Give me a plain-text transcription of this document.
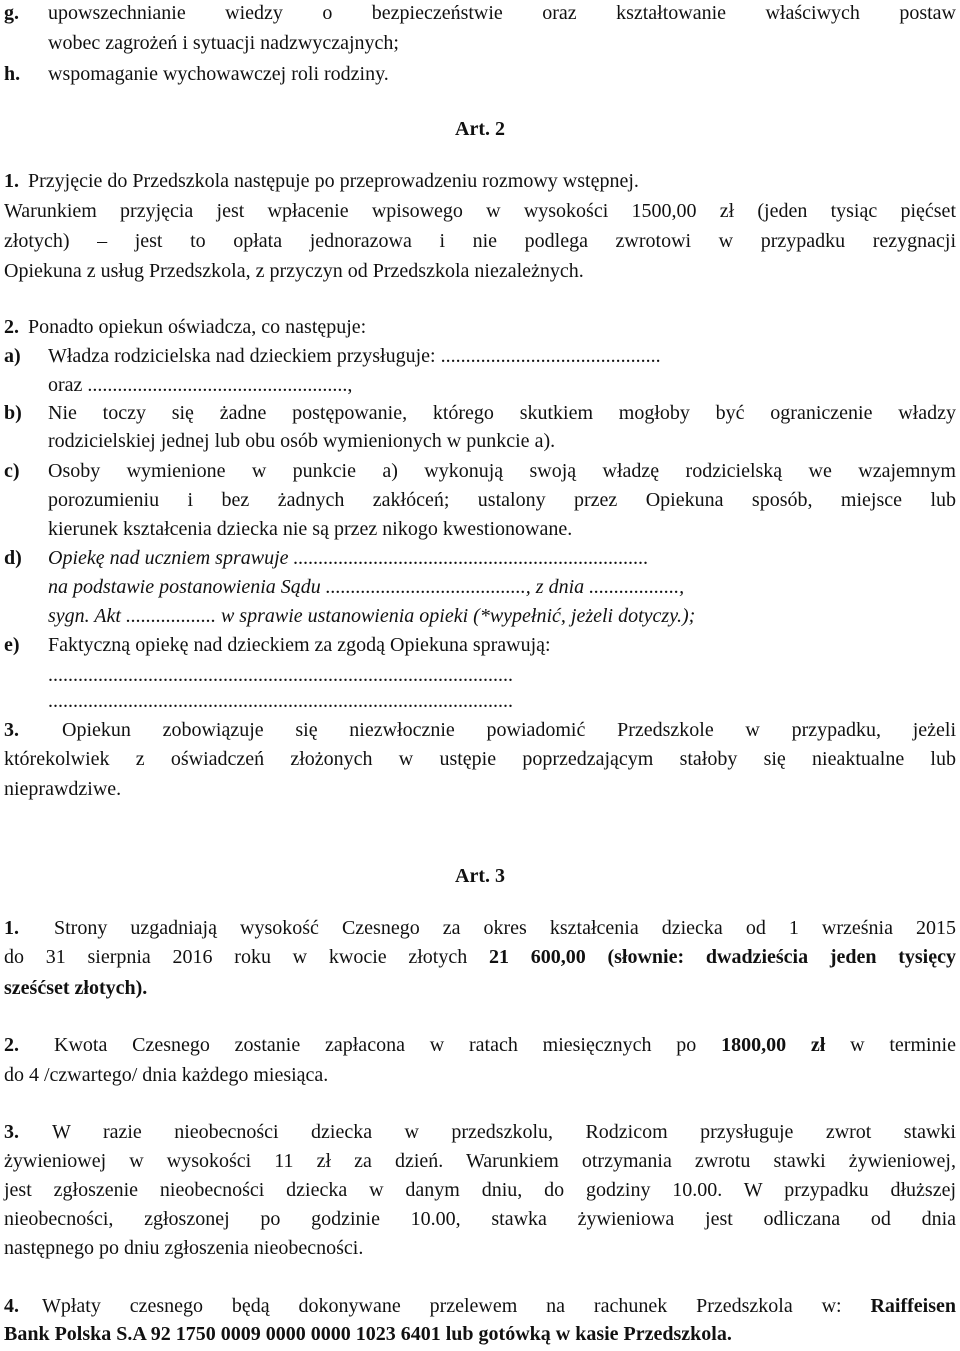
g. upowszechnianie wiedzy o bezpieczeństwie oraz kształtowanie właściwych postaw
wobec zagrożeń i sytuacji nadzwyczajnych;
h. wspomaganie wychowawczej roli rodziny.
Art. 2
1. Przyjęcie do Przedszkola następuje po przeprowadzeniu rozmowy wstępnej.
Warunkiem przyjęcia jest wpłacenie wpisowego w wysokości 1500,00 zł (jeden tysiąc pięćset
złotych) – jest to opłata jednorazowa i nie podlega zwrotowi w przypadku rezygnacji
Opiekuna z usług Przedszkola, z przyczyn od Przedszkola niezależnych.
2. Ponadto opiekun oświadcza, co następuje:
a) Władza rodzicielska nad dzieckiem przysługuje: ............................................
oraz ....................................................,
b) Nie toczy się żadne postępowanie, którego skutkiem mogłoby być ograniczenie władzy
rodzicielskiej jednej lub obu osób wymienionych w punkcie a).
c) Osoby wymienione w punkcie a) wykonują swoją władzę rodzicielską we wzajemnym
porozumieniu i bez żadnych zakłóceń; ustalony przez Opiekuna sposób, miejsce lub
kierunek kształcenia dziecka nie są przez nikogo kwestionowane.
d) Opiekę nad uczniem sprawuje .......................................................................
na podstawie postanowienia Sądu ........................................, z dnia ..................,
sygn. Akt .................. w sprawie ustanowienia opieki (*wypełnić, jeżeli dotyczy.);
e) Faktyczną opiekę nad dzieckiem za zgodą Opiekuna sprawują:
.............................................................................................
.............................................................................................
3. Opiekun zobowiązuje się niezwłocznie powiadomić Przedszkole w przypadku, jeżeli
którekolwiek z oświadczeń złożonych w ustępie poprzedzającym stałoby się nieaktualne lub
nieprawdziwe.
Art. 3
1. Strony uzgadniają wysokość Czesnego za okres kształcenia dziecka od 1 września 2015
do 31 sierpnia 2016 roku w kwocie złotych 21 600,00 (słownie: dwadzieścia jeden tysięcy
sześćset złotych).
2. Kwota Czesnego zostanie zapłacona w ratach miesięcznych po 1800,00 zł w terminie
do 4 /czwartego/ dnia każdego miesiąca.
3. W razie nieobecności dziecka w przedszkolu, Rodzicom przysługuje zwrot stawki
żywieniowej w wysokości 11 zł za dzień. Warunkiem otrzymania zwrotu stawki żywieniowej,
jest zgłoszenie nieobecności dziecka w danym dniu, do godziny 10.00. W przypadku dłuższej
nieobecności, zgłoszonej po godzinie 10.00, stawka żywieniowa jest odliczana od dnia
następnego po dniu zgłoszenia nieobecności.
4. Wpłaty czesnego będą dokonywane przelewem na rachunek Przedszkola w: Raiffeisen
Bank Polska S.A 92 1750 0009 0000 0000 1023 6401 lub gotówką w kasie Przedszkola.
